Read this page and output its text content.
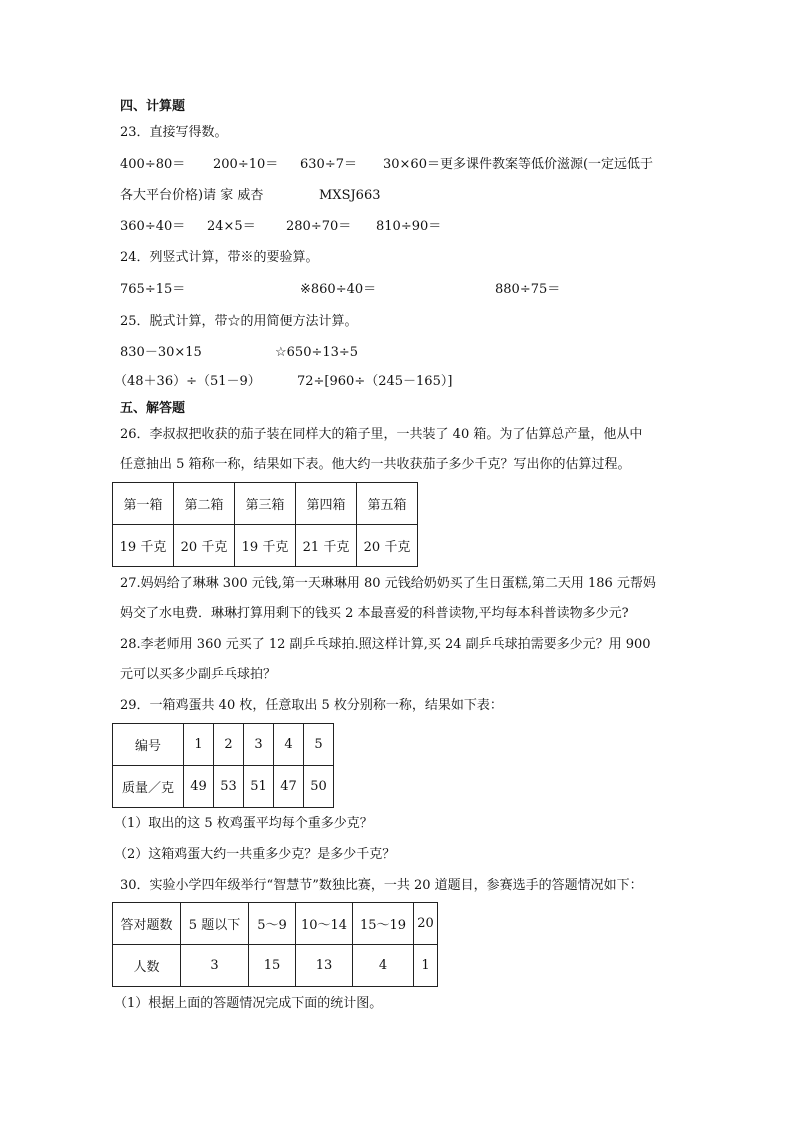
四、计算题
23．直接写得数。
400÷80＝ 200÷10＝ 630÷7＝ 30×60＝更多课件教案等低价滋源(一定远低于
各大平台价格)请 家 威杏	MXSJ663
360÷40＝ 24×5＝ 280÷70＝ 810÷90＝
24．列竖式计算，带※的要验算。
765÷15＝	※860÷40＝	880÷75＝
25．脱式计算，带☆的用简便方法计算。
830－30×15	☆650÷13÷5
（48＋36）÷（51－9）	72÷[960÷（245－165）]
五、解答题
26．李叔叔把收获的茄子装在同样大的箱子里，一共装了 40 箱。为了估算总产量，他从中
任意抽出 5 箱称一称，结果如下表。他大约一共收获茄子多少千克？写出你的估算过程。
第一箱	第二箱	第三箱	第四箱	第五箱
19 千克	20 千克	19 千克	21 千克	20 千克
27.妈妈给了琳琳 300 元钱,第一天琳琳用 80 元钱给奶奶买了生日蛋糕,第二天用 186 元帮妈
妈交了水电费．琳琳打算用剩下的钱买 2 本最喜爱的科普读物,平均每本科普读物多少元?
28.李老师用 360 元买了 12 副乒乓球拍.照这样计算,买 24 副乒乓球拍需要多少元？用 900
元可以买多少副乒乓球拍？
29．一箱鸡蛋共 40 枚，任意取出 5 枚分别称一称，结果如下表：
编号	1	2	3	4	5
质量／克	49	53	51	47	50
（1）取出的这 5 枚鸡蛋平均每个重多少克？
（2）这箱鸡蛋大约一共重多少克？是多少千克？
30．实验小学四年级举行“智慧节”数独比赛，一共 20 道题目，参赛选手的答题情况如下：
答对题数	5 题以下	5～9	10～14	15～19	20
人数	3	15	13	4	1
（1）根据上面的答题情况完成下面的统计图。
